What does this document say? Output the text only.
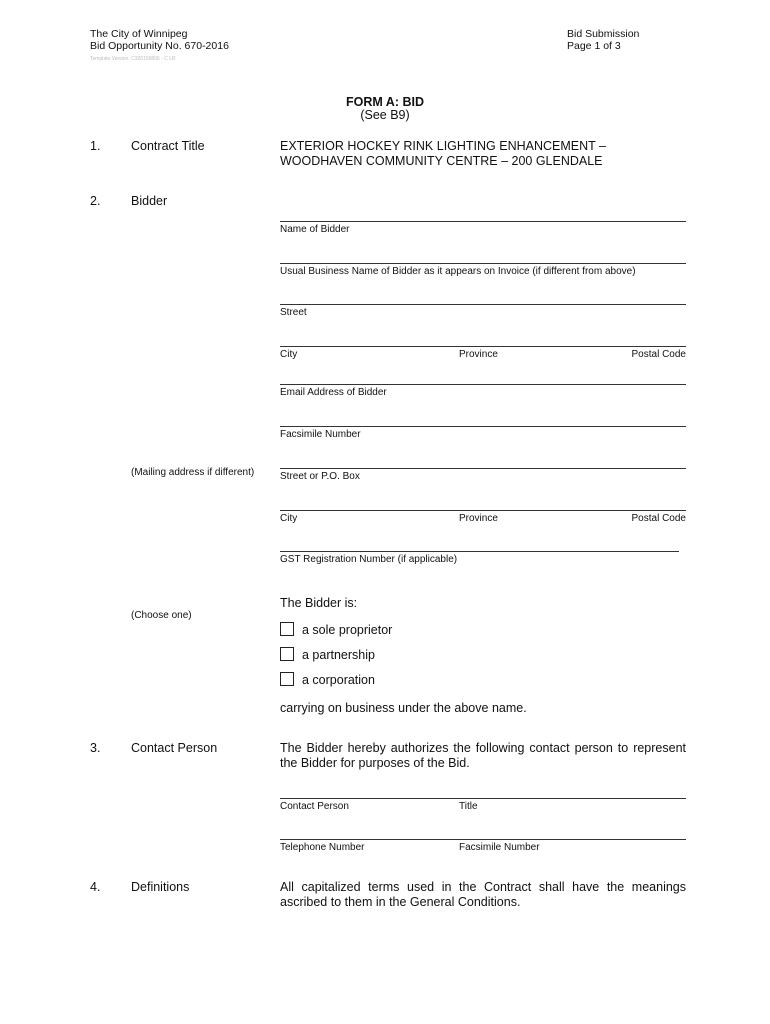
The City of Winnipeg
Bid Opportunity No. 670-2016
Template Version: C320150806 - C LR
Bid Submission
Page 1 of 3
FORM A: BID
(See B9)
1. Contract Title	EXTERIOR HOCKEY RINK LIGHTING ENHANCEMENT –
WOODHAVEN COMMUNITY CENTRE – 200 GLENDALE
2. Bidder
Name of Bidder
Usual Business Name of Bidder as it appears on Invoice (if different from above)
Street
City	Province	Postal Code
Email Address of Bidder
Facsimile Number
(Mailing address if different)	Street or P.O. Box
City	Province	Postal Code
GST Registration Number (if applicable)
The Bidder is:
(Choose one)
a sole proprietor
a partnership
a corporation
carrying on business under the above name.
3. Contact Person	The Bidder hereby authorizes the following contact person to represent the Bidder for purposes of the Bid.
Contact Person	Title
Telephone Number	Facsimile Number
4. Definitions	All capitalized terms used in the Contract shall have the meanings ascribed to them in the General Conditions.
